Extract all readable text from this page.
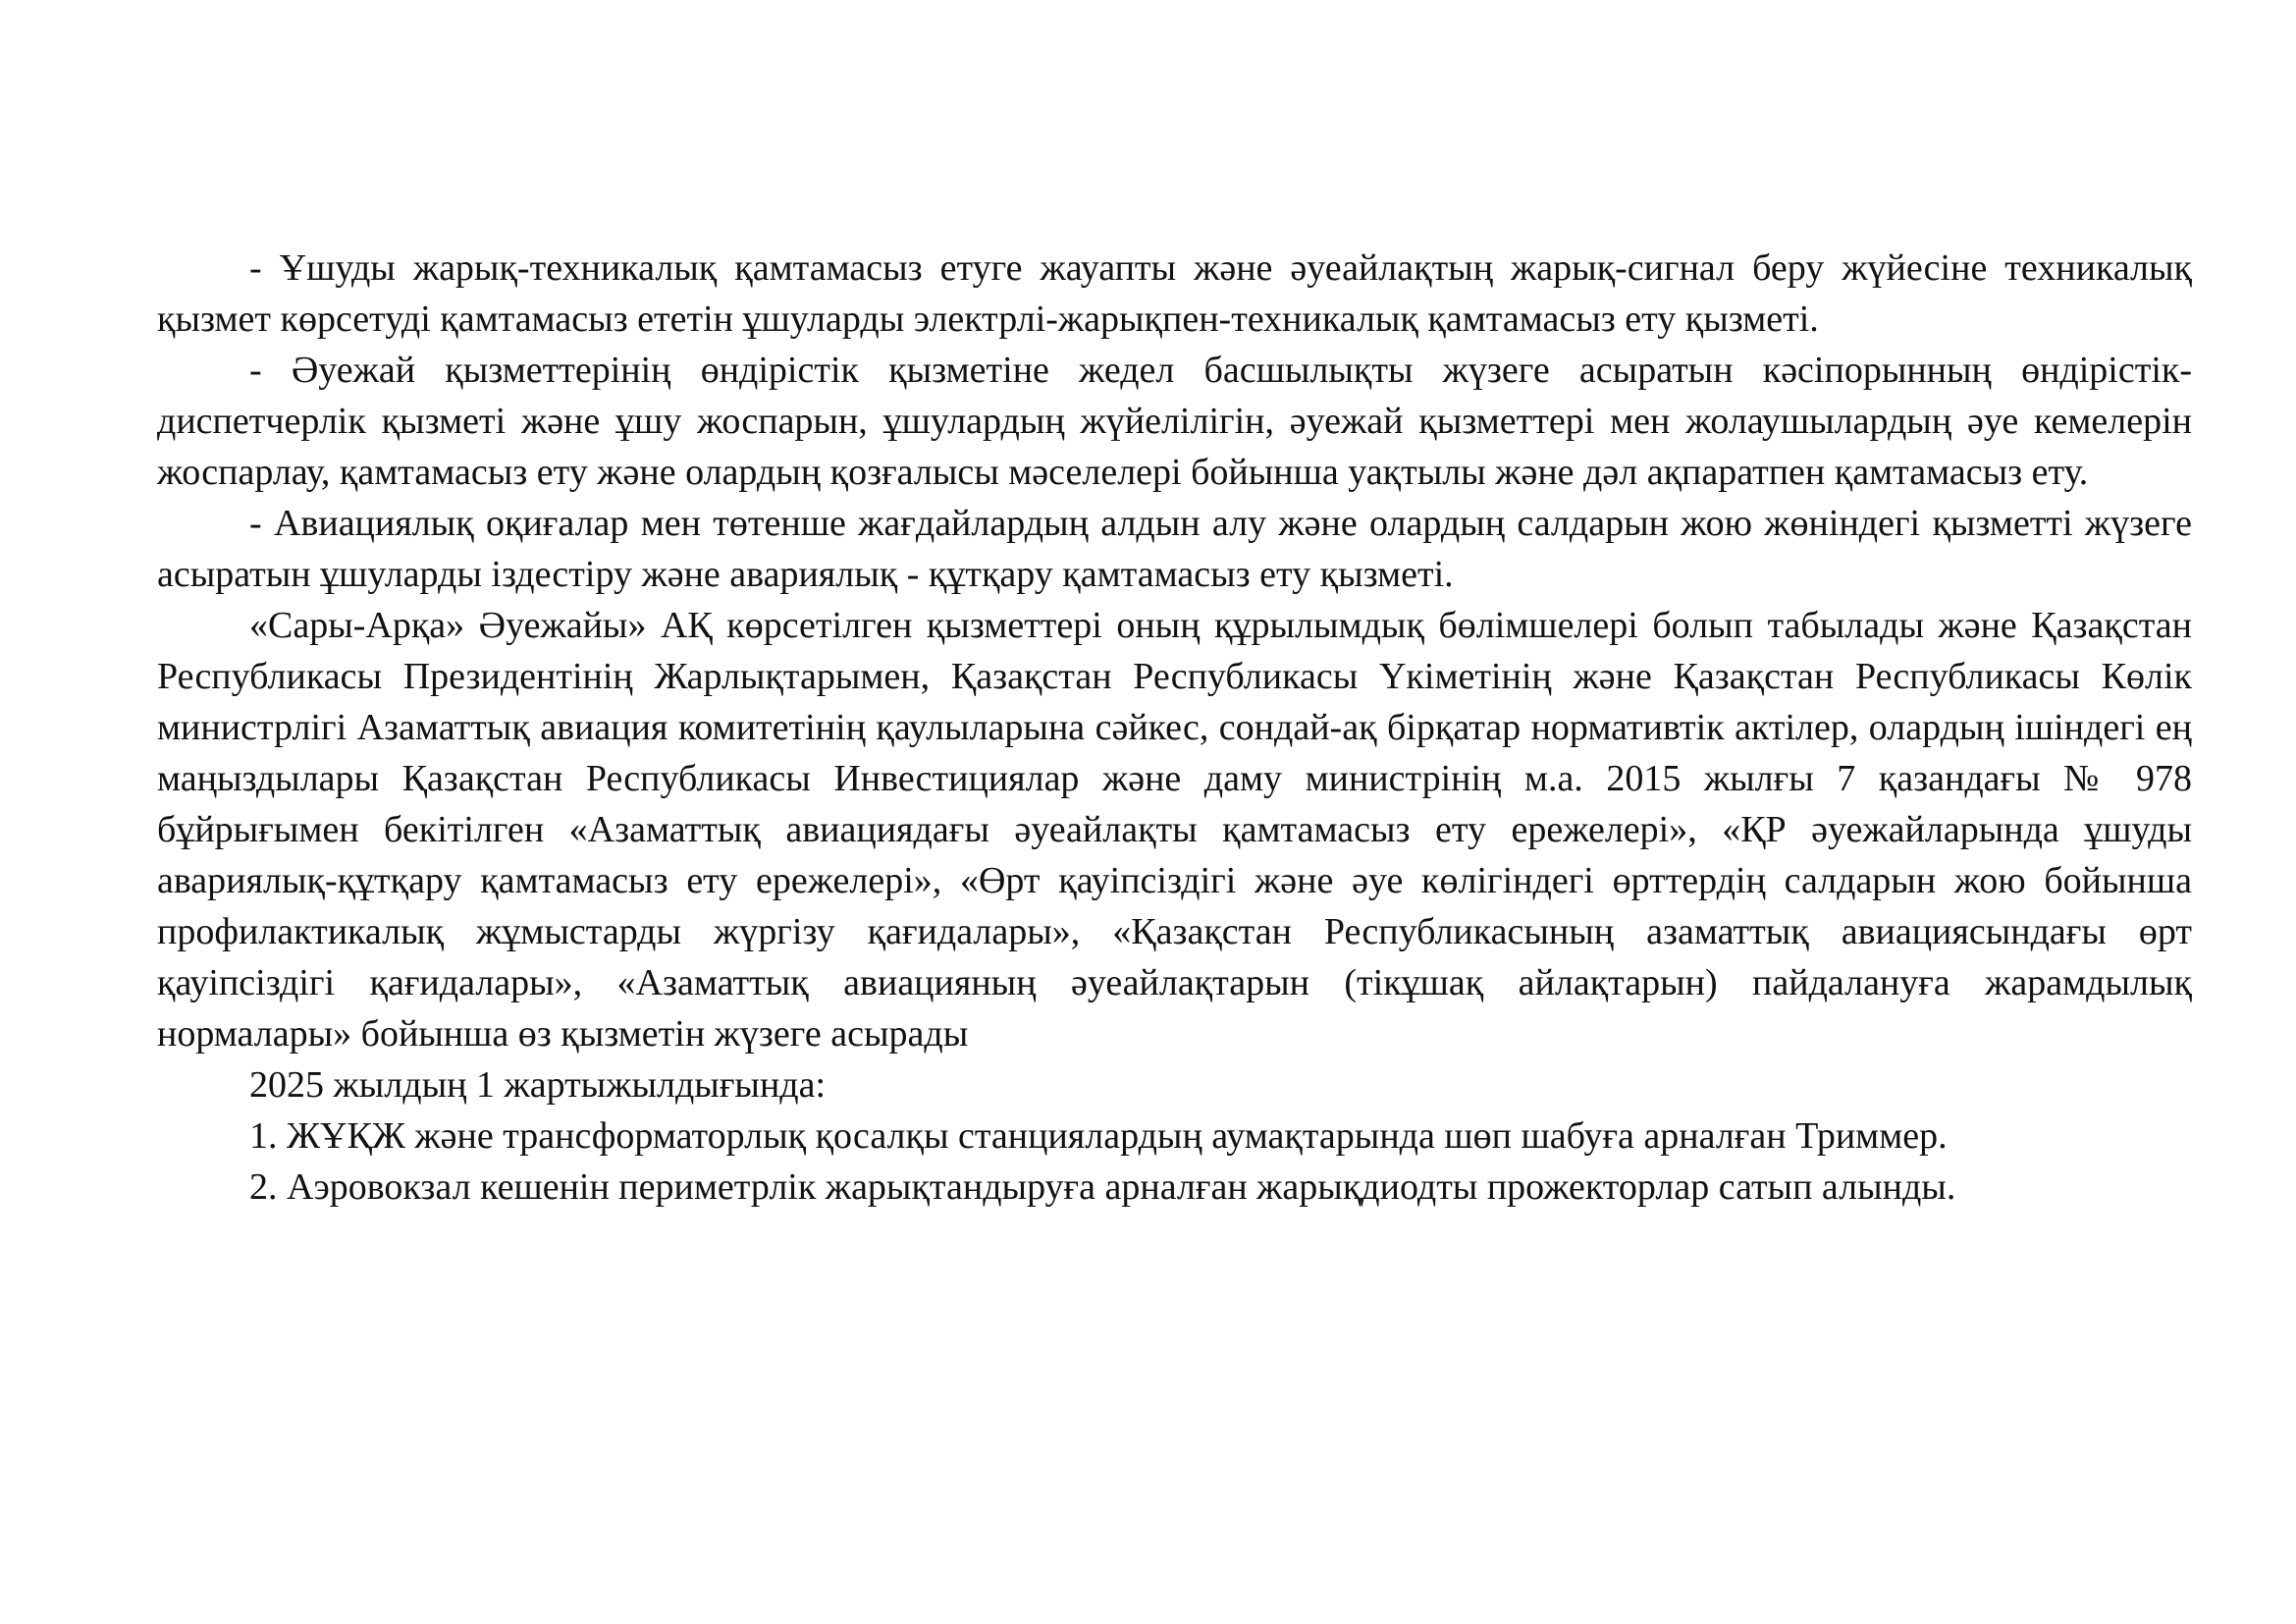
- Ұшуды жарық-техникалық қамтамасыз етуге жауапты және әуеайлақтың жарық-сигнал беру жүйесіне техникалық қызмет көрсетуді қамтамасыз ететін ұшуларды электрлі-жарықпен-техникалық қамтамасыз ету қызметі.

- Әуежай қызметтерінің өндірістік қызметіне жедел басшылықты жүзеге асыратын кәсіпорынның өндірістік-диспетчерлік қызметі және ұшу жоспарын, ұшулардың жүйелілігін, әуежай қызметтері мен жолаушылардың әуе кемелерін жоспарлау, қамтамасыз ету және олардың қозғалысы мәселелері бойынша уақтылы және дәл ақпаратпен қамтамасыз ету.

- Авиациялық оқиғалар мен төтенше жағдайлардың алдын алу және олардың салдарын жою жөніндегі қызметті жүзеге асыратын ұшуларды іздестіру және авариялық - құтқару қамтамасыз ету қызметі.

«Сары-Арқа» Әуежайы» АҚ көрсетілген қызметтері оның құрылымдық бөлімшелері болып табылады және Қазақстан Республикасы Президентінің Жарлықтарымен, Қазақстан Республикасы Үкіметінің және Қазақстан Республикасы Көлік министрлігі Азаматтық авиация комитетінің қаулыларына сәйкес, сондай-ақ бірқатар нормативтік актілер, олардың ішіндегі ең маңыздылары Қазақстан Республикасы Инвестициялар және даму министрінің м.а. 2015 жылғы 7 қазандағы № 978 бұйрығымен бекітілген «Азаматтық авиациядағы әуеайлақты қамтамасыз ету ережелері», «ҚР әуежайларында ұшуды авариялық-құтқару қамтамасыз ету ережелері», «Өрт қауіпсіздігі және әуе көлігіндегі өрттердің салдарын жою бойынша профилактикалық жұмыстарды жүргізу қағидалары», «Қазақстан Республикасының азаматтық авиациясындағы өрт қауіпсіздігі қағидалары», «Азаматтық авиацияның әуеайлақтарын (тікұшақ айлақтарын) пайдалануға жарамдылық нормалары» бойынша өз қызметін жүзеге асырады

2025 жылдың 1 жартыжылдығында:

1. ЖҰҚЖ және трансформаторлық қосалқы станциялардың аумақтарында шөп шабуға арналған Триммер.

2. Аэровокзал кешенін периметрлік жарықтандыруға арналған жарықдиодты прожекторлар сатып алынды.
